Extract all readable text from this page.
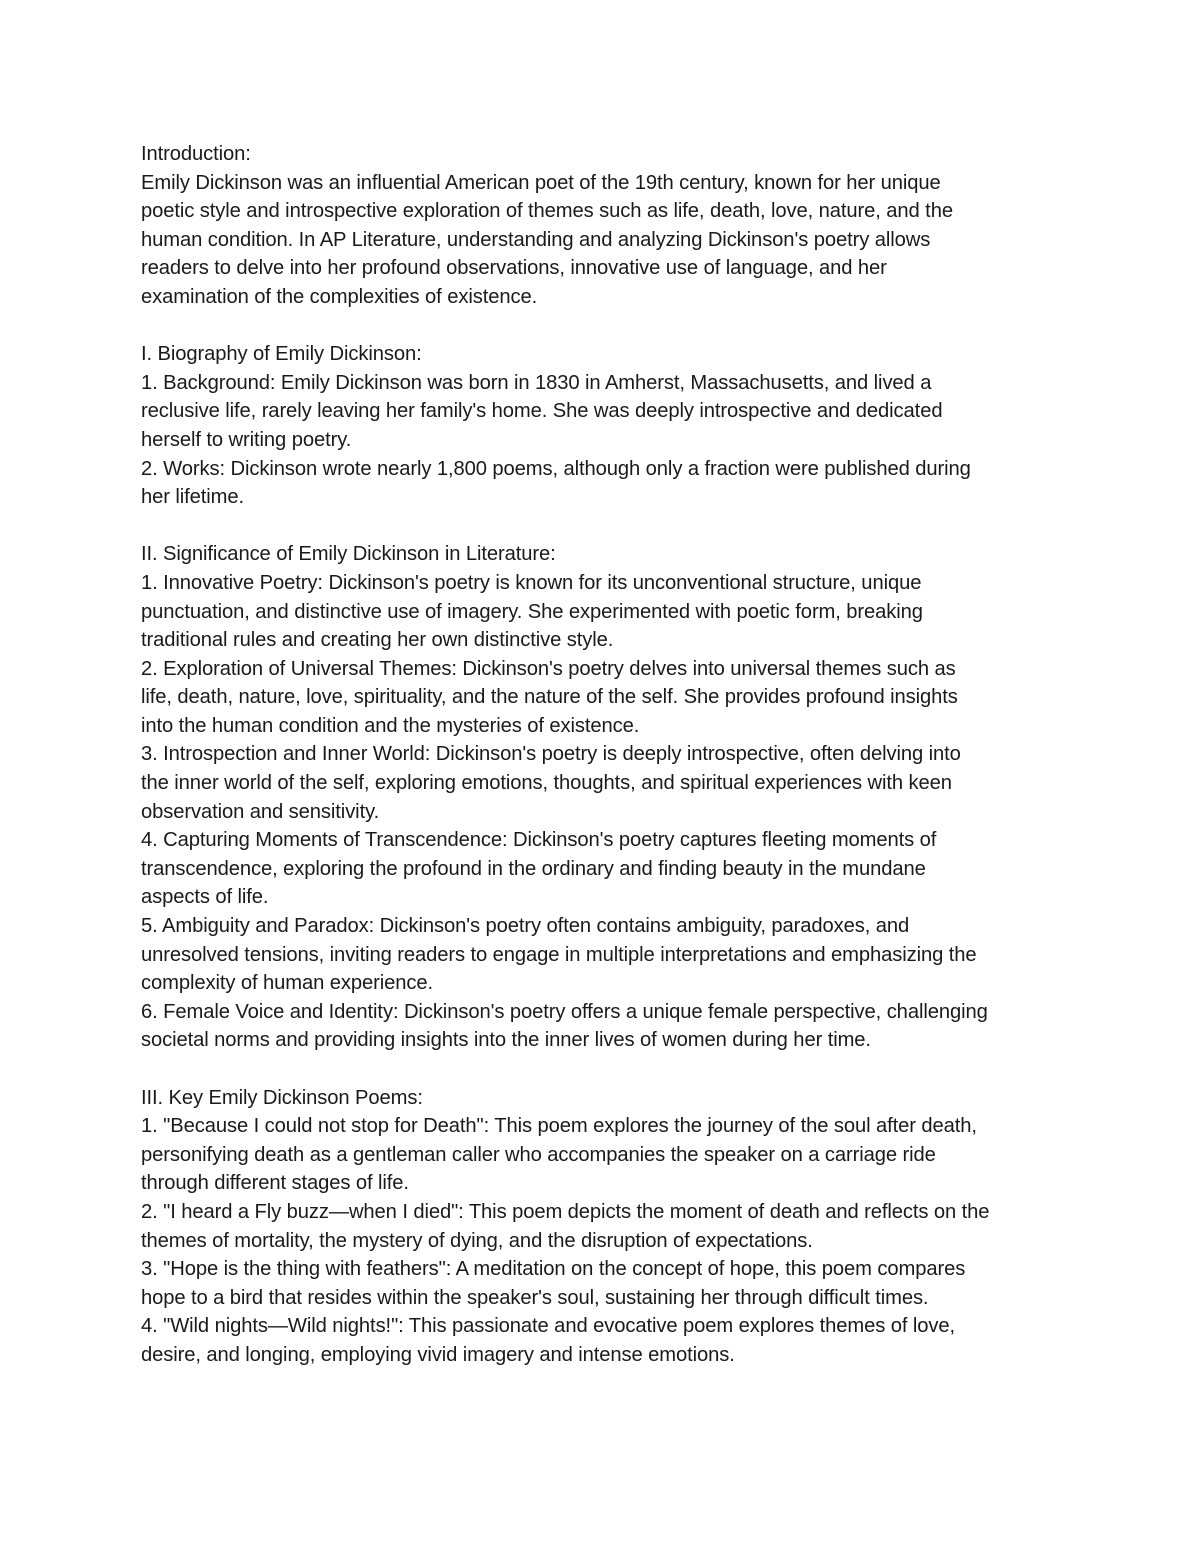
Introduction:
Emily Dickinson was an influential American poet of the 19th century, known for her unique
poetic style and introspective exploration of themes such as life, death, love, nature, and the
human condition. In AP Literature, understanding and analyzing Dickinson's poetry allows
readers to delve into her profound observations, innovative use of language, and her
examination of the complexities of existence.
I. Biography of Emily Dickinson:
1. Background: Emily Dickinson was born in 1830 in Amherst, Massachusetts, and lived a
reclusive life, rarely leaving her family's home. She was deeply introspective and dedicated
herself to writing poetry.
2. Works: Dickinson wrote nearly 1,800 poems, although only a fraction were published during
her lifetime.
II. Significance of Emily Dickinson in Literature:
1. Innovative Poetry: Dickinson's poetry is known for its unconventional structure, unique
punctuation, and distinctive use of imagery. She experimented with poetic form, breaking
traditional rules and creating her own distinctive style.
2. Exploration of Universal Themes: Dickinson's poetry delves into universal themes such as
life, death, nature, love, spirituality, and the nature of the self. She provides profound insights
into the human condition and the mysteries of existence.
3. Introspection and Inner World: Dickinson's poetry is deeply introspective, often delving into
the inner world of the self, exploring emotions, thoughts, and spiritual experiences with keen
observation and sensitivity.
4. Capturing Moments of Transcendence: Dickinson's poetry captures fleeting moments of
transcendence, exploring the profound in the ordinary and finding beauty in the mundane
aspects of life.
5. Ambiguity and Paradox: Dickinson's poetry often contains ambiguity, paradoxes, and
unresolved tensions, inviting readers to engage in multiple interpretations and emphasizing the
complexity of human experience.
6. Female Voice and Identity: Dickinson's poetry offers a unique female perspective, challenging
societal norms and providing insights into the inner lives of women during her time.
III. Key Emily Dickinson Poems:
1. "Because I could not stop for Death": This poem explores the journey of the soul after death,
personifying death as a gentleman caller who accompanies the speaker on a carriage ride
through different stages of life.
2. "I heard a Fly buzz—when I died": This poem depicts the moment of death and reflects on the
themes of mortality, the mystery of dying, and the disruption of expectations.
3. "Hope is the thing with feathers": A meditation on the concept of hope, this poem compares
hope to a bird that resides within the speaker's soul, sustaining her through difficult times.
4. "Wild nights—Wild nights!": This passionate and evocative poem explores themes of love,
desire, and longing, employing vivid imagery and intense emotions.
